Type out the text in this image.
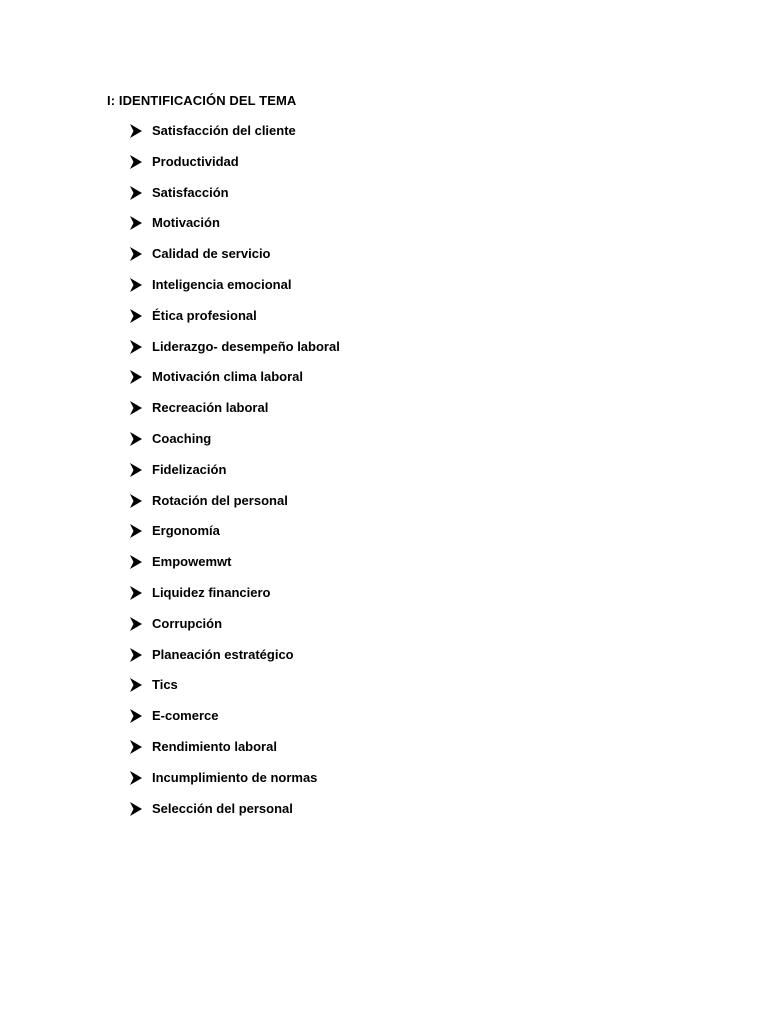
I: IDENTIFICACIÓN DEL TEMA
Satisfacción del cliente
Productividad
Satisfacción
Motivación
Calidad de servicio
Inteligencia emocional
Ética profesional
Liderazgo- desempeño laboral
Motivación clima laboral
Recreación laboral
Coaching
Fidelización
Rotación del personal
Ergonomía
Empowemwt
Liquidez financiero
Corrupción
Planeación estratégico
Tics
E-comerce
Rendimiento laboral
Incumplimiento de normas
Selección del personal
